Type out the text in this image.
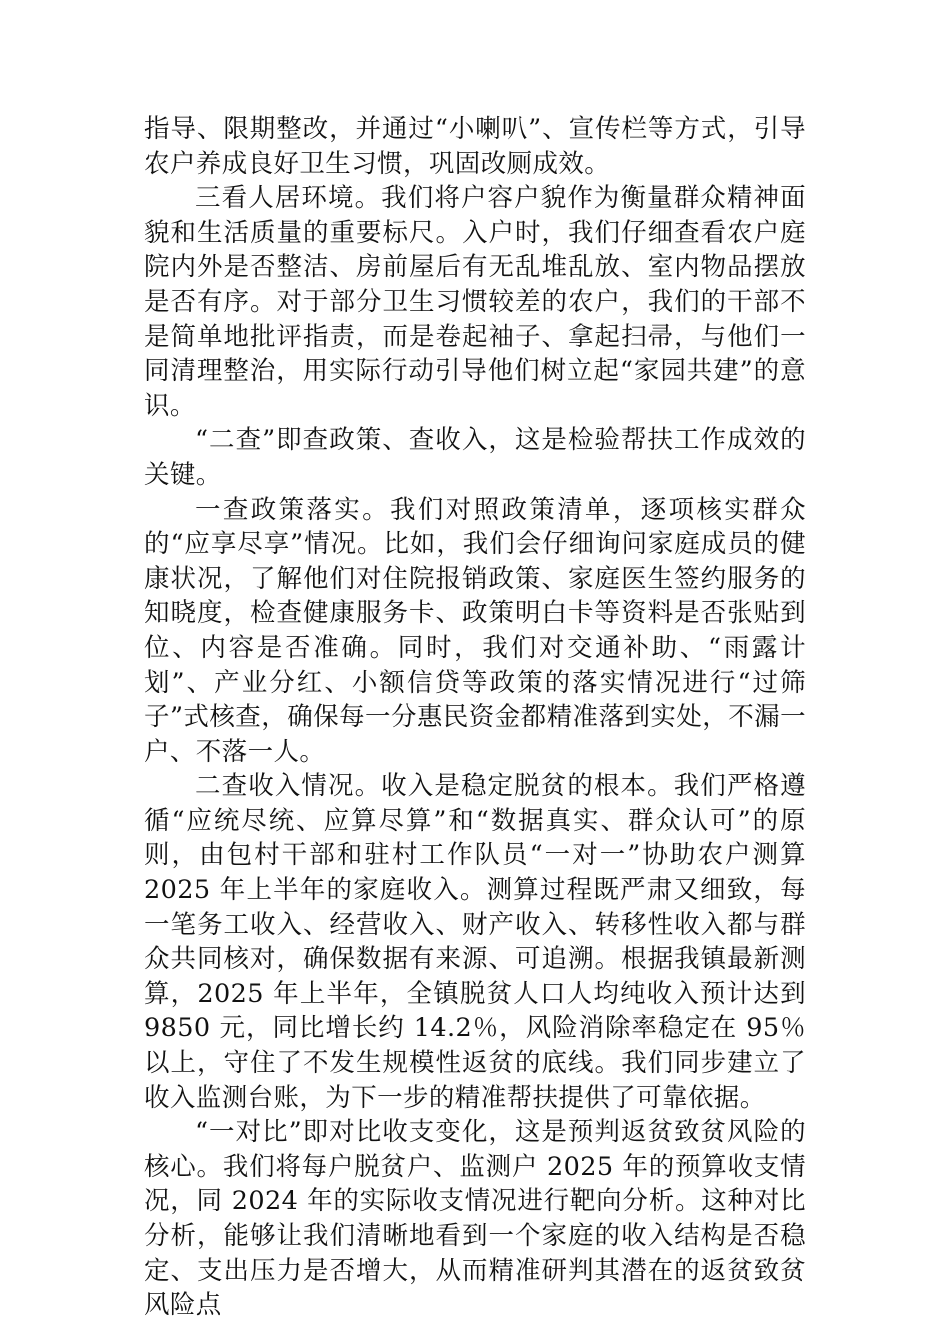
指导、限期整改，并通过“小喇叭”、宣传栏等方式，引导农户养成良好卫生习惯，巩固改厕成效。

三看人居环境。我们将户容户貌作为衡量群众精神面貌和生活质量的重要标尺。入户时，我们仔细查看农户庭院内外是否整洁、房前屋后有无乱堆乱放、室内物品摆放是否有序。对于部分卫生习惯较差的农户，我们的干部不是简单地批评指责，而是卷起袖子、拿起扫帚，与他们一同清理整治，用实际行动引导他们树立起“家园共建”的意识。

“二查”即查政策、查收入，这是检验帮扶工作成效的关键。

一查政策落实。我们对照政策清单，逐项核实群众的“应享尽享”情况。比如，我们会仔细询问家庭成员的健康状况，了解他们对住院报销政策、家庭医生签约服务的知晓度，检查健康服务卡、政策明白卡等资料是否张贴到位、内容是否准确。同时，我们对交通补助、“雨露计划”、产业分红、小额信贷等政策的落实情况进行“过筛子”式核查，确保每一分惠民资金都精准落到实处，不漏一户、不落一人。

二查收入情况。收入是稳定脱贫的根本。我们严格遵循“应统尽统、应算尽算”和“数据真实、群众认可”的原则，由包村干部和驻村工作队员“一对一”协助农户测算 2025 年上半年的家庭收入。测算过程既严肃又细致，每一笔务工收入、经营收入、财产收入、转移性收入都与群众共同核对，确保数据有来源、可追溯。根据我镇最新测算，2025 年上半年，全镇脱贫人口人均纯收入预计达到 9850 元，同比增长约 14.2％，风险消除率稳定在 95％以上，守住了不发生规模性返贫的底线。我们同步建立了收入监测台账，为下一步的精准帮扶提供了可靠依据。

“一对比”即对比收支变化，这是预判返贫致贫风险的核心。我们将每户脱贫户、监测户 2025 年的预算收支情况，同 2024 年的实际收支情况进行靶向分析。这种对比分析，能够让我们清晰地看到一个家庭的收入结构是否稳定、支出压力是否增大，从而精准研判其潜在的返贫致贫风险点
